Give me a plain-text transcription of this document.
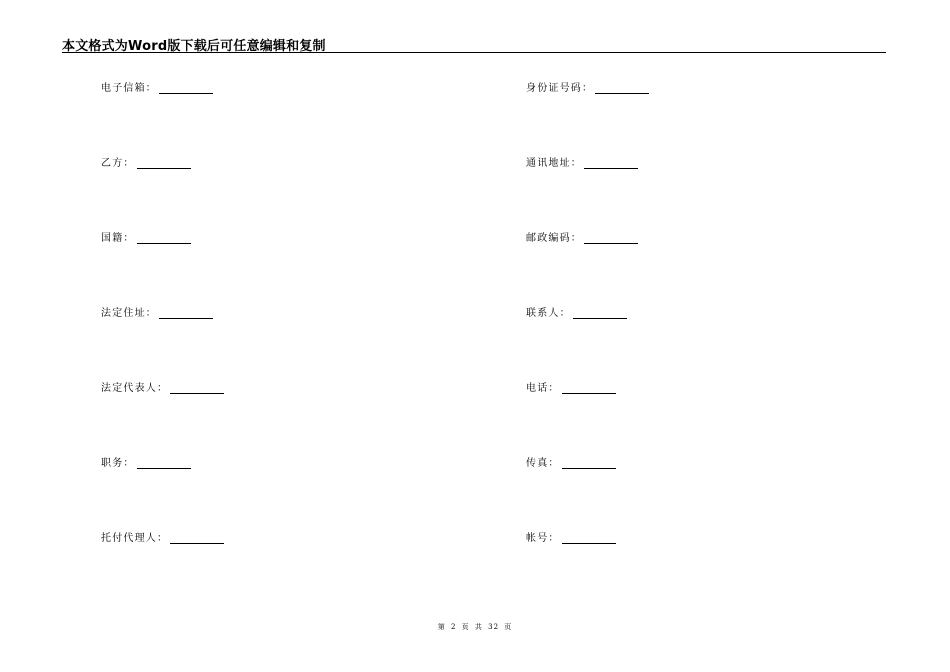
本文格式为Word版下载后可任意编辑和复制
电子信箱：	身份证号码：
乙方：	通讯地址：
国籍：	邮政编码：
法定住址：	联系人：
法定代表人：	电话：
职务：	传真：
托付代理人：	帐号：
第 2 页 共 32 页
